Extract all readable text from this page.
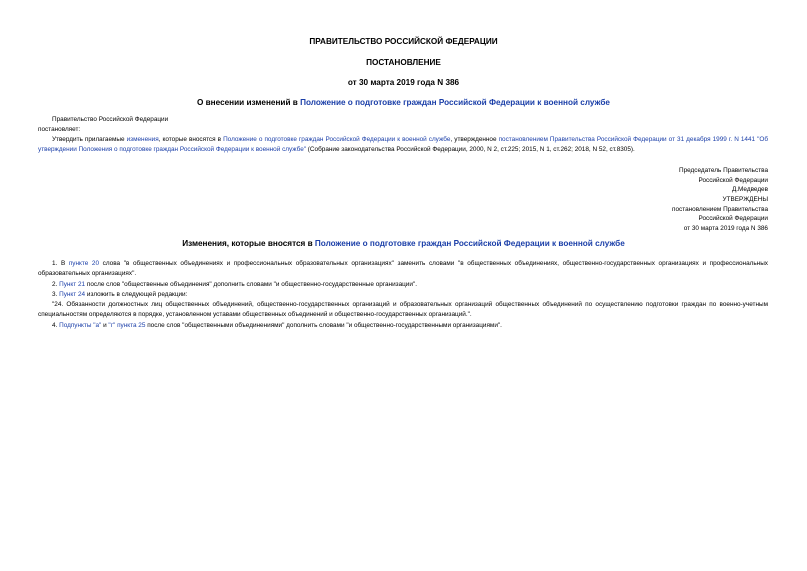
ПРАВИТЕЛЬСТВО РОССИЙСКОЙ ФЕДЕРАЦИИ
ПОСТАНОВЛЕНИЕ
от 30 марта 2019 года N 386
О внесении изменений в Положение о подготовке граждан Российской Федерации к военной службе
Правительство Российской Федерации
постановляет:
Утвердить прилагаемые изменения, которые вносятся в Положение о подготовке граждан Российской Федерации к военной службе, утвержденное постановлением Правительства Российской Федерации от 31 декабря 1999 г. N 1441 "Об утверждении Положения о подготовке граждан Российской Федерации к военной службе" (Собрание законодательства Российской Федерации, 2000, N 2, ст.225; 2015, N 1, ст.262; 2018, N 52, ст.8305).
Председатель Правительства
Российской Федерации
Д.Медведев
УТВЕРЖДЕНЫ
постановлением Правительства
Российской Федерации
от 30 марта 2019 года N 386
Изменения, которые вносятся в Положение о подготовке граждан Российской Федерации к военной службе
1. В пункте 20 слова "в общественных объединениях и профессиональных образовательных организациях" заменить словами "в общественных объединениях, общественно-государственных организациях и профессиональных образовательных организациях".
2. Пункт 21 после слов "общественные объединения" дополнить словами "и общественно-государственные организации".
3. Пункт 24 изложить в следующей редакции:
"24. Обязанности должностных лиц общественных объединений, общественно-государственных организаций и образовательных организаций общественных объединений по осуществлению подготовки граждан по военно-учетным специальностям определяются в порядке, установленном уставами общественных объединений и общественно-государственных организаций.".
4. Подпункты "а" и "г" пункта 25 после слов "общественными объединениями" дополнить словами "и общественно-государственными организациями".
